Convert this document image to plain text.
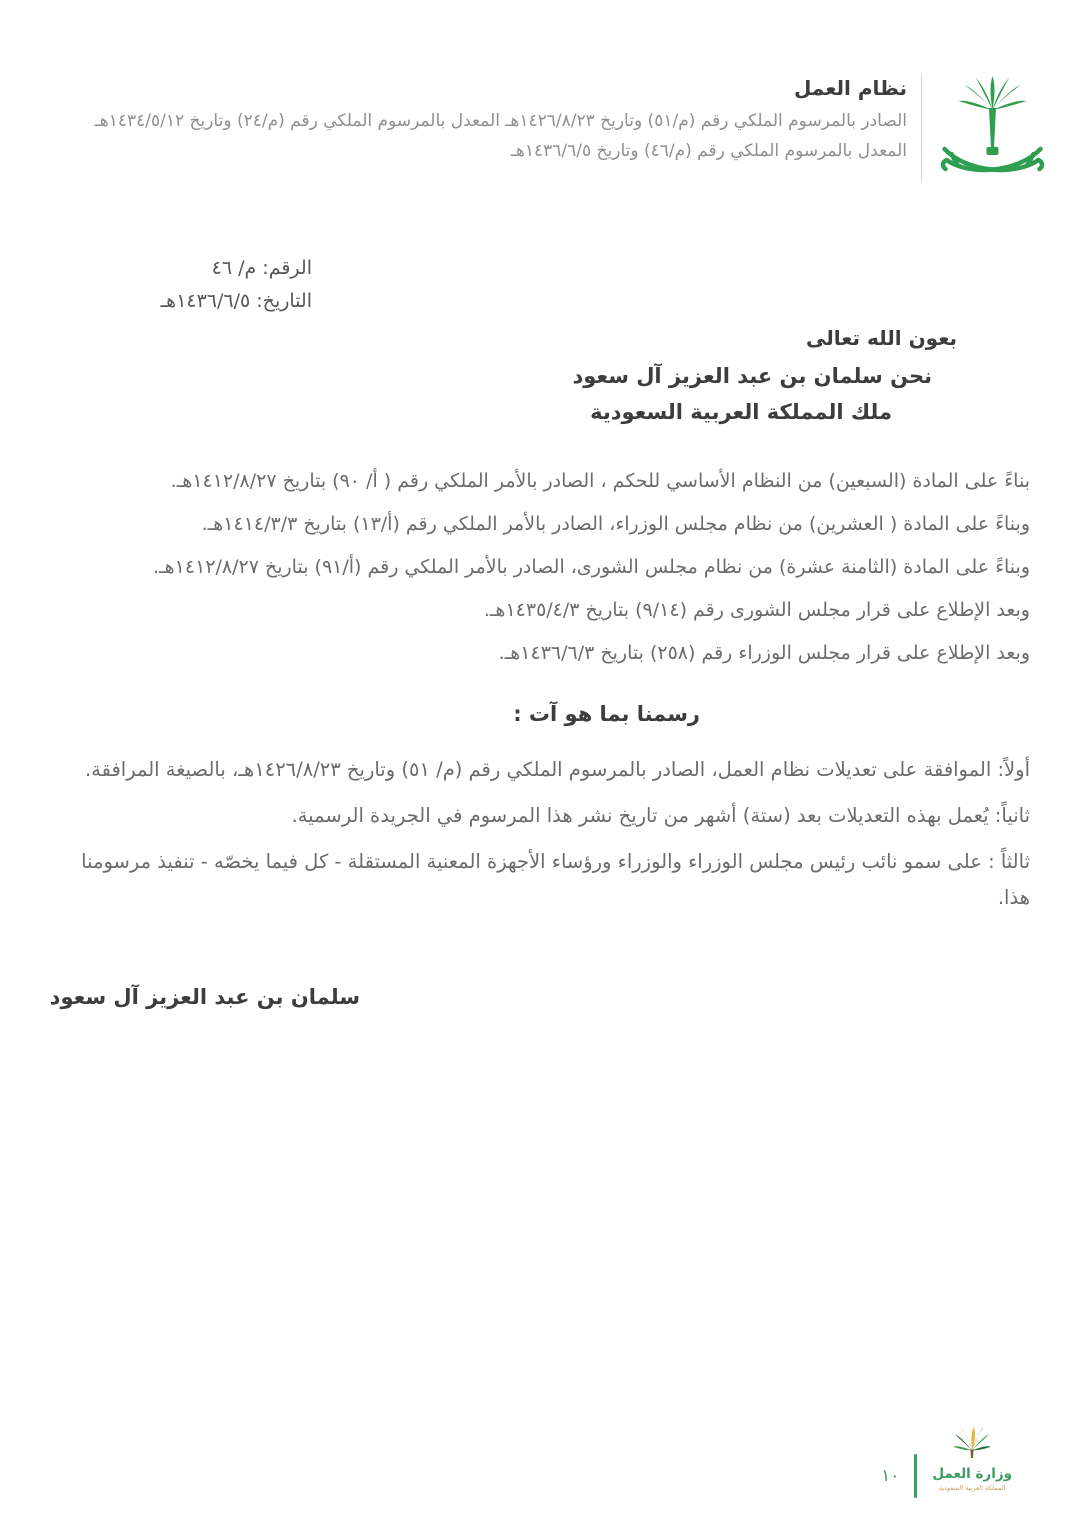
نظام العمل
الصادر بالمرسوم الملكي رقم (م/٥١) وتاريخ ١٤٢٦/٨/٢٣هـ المعدل بالمرسوم الملكي رقم (م/٢٤) وتاريخ ١٤٣٤/٥/١٢هـ
المعدل بالمرسوم الملكي رقم (م/٤٦) وتاريخ ١٤٣٦/٦/٥هـ
الرقم: م/ ٤٦
التاريخ: ١٤٣٦/٦/٥هـ
بعون الله تعالى
نحن سلمان بن عبد العزيز آل سعود
ملك المملكة العربية السعودية
بناءً على المادة (السبعين) من النظام الأساسي للحكم ، الصادر بالأمر الملكي رقم ( أ/ ٩٠) بتاريخ ١٤١٢/٨/٢٧هـ.
وبناءً على المادة ( العشرين) من نظام مجلس الوزراء، الصادر بالأمر الملكي رقم (أ/١٣) بتاريخ ١٤١٤/٣/٣هـ.
وبناءً على المادة (الثامنة عشرة) من نظام مجلس الشورى، الصادر بالأمر الملكي رقم (أ/٩١) بتاريخ ١٤١٢/٨/٢٧هـ.
وبعد الإطلاع على قرار مجلس الشورى رقم (٩/١٤) بتاريخ ١٤٣٥/٤/٣هـ.
وبعد الإطلاع على قرار مجلس الوزراء رقم (٢٥٨) بتاريخ ١٤٣٦/٦/٣هـ.
رسمنا بما هو آت :
أولاً: الموافقة على تعديلات نظام العمل، الصادر بالمرسوم الملكي رقم (م/ ٥١) وتاريخ ١٤٢٦/٨/٢٣هـ، بالصيغة المرافقة.
ثانياً: يُعمل بهذه التعديلات بعد (ستة) أشهر من تاريخ نشر هذا المرسوم في الجريدة الرسمية.
ثالثاً : على سمو نائب رئيس مجلس الوزراء والوزراء ورؤساء الأجهزة المعنية المستقلة - كل فيما يخصّه - تنفيذ مرسومنا هذا.
سلمان بن عبد العزيز آل سعود
وزارة العمل
المملكة العربية السعودية
١٠
